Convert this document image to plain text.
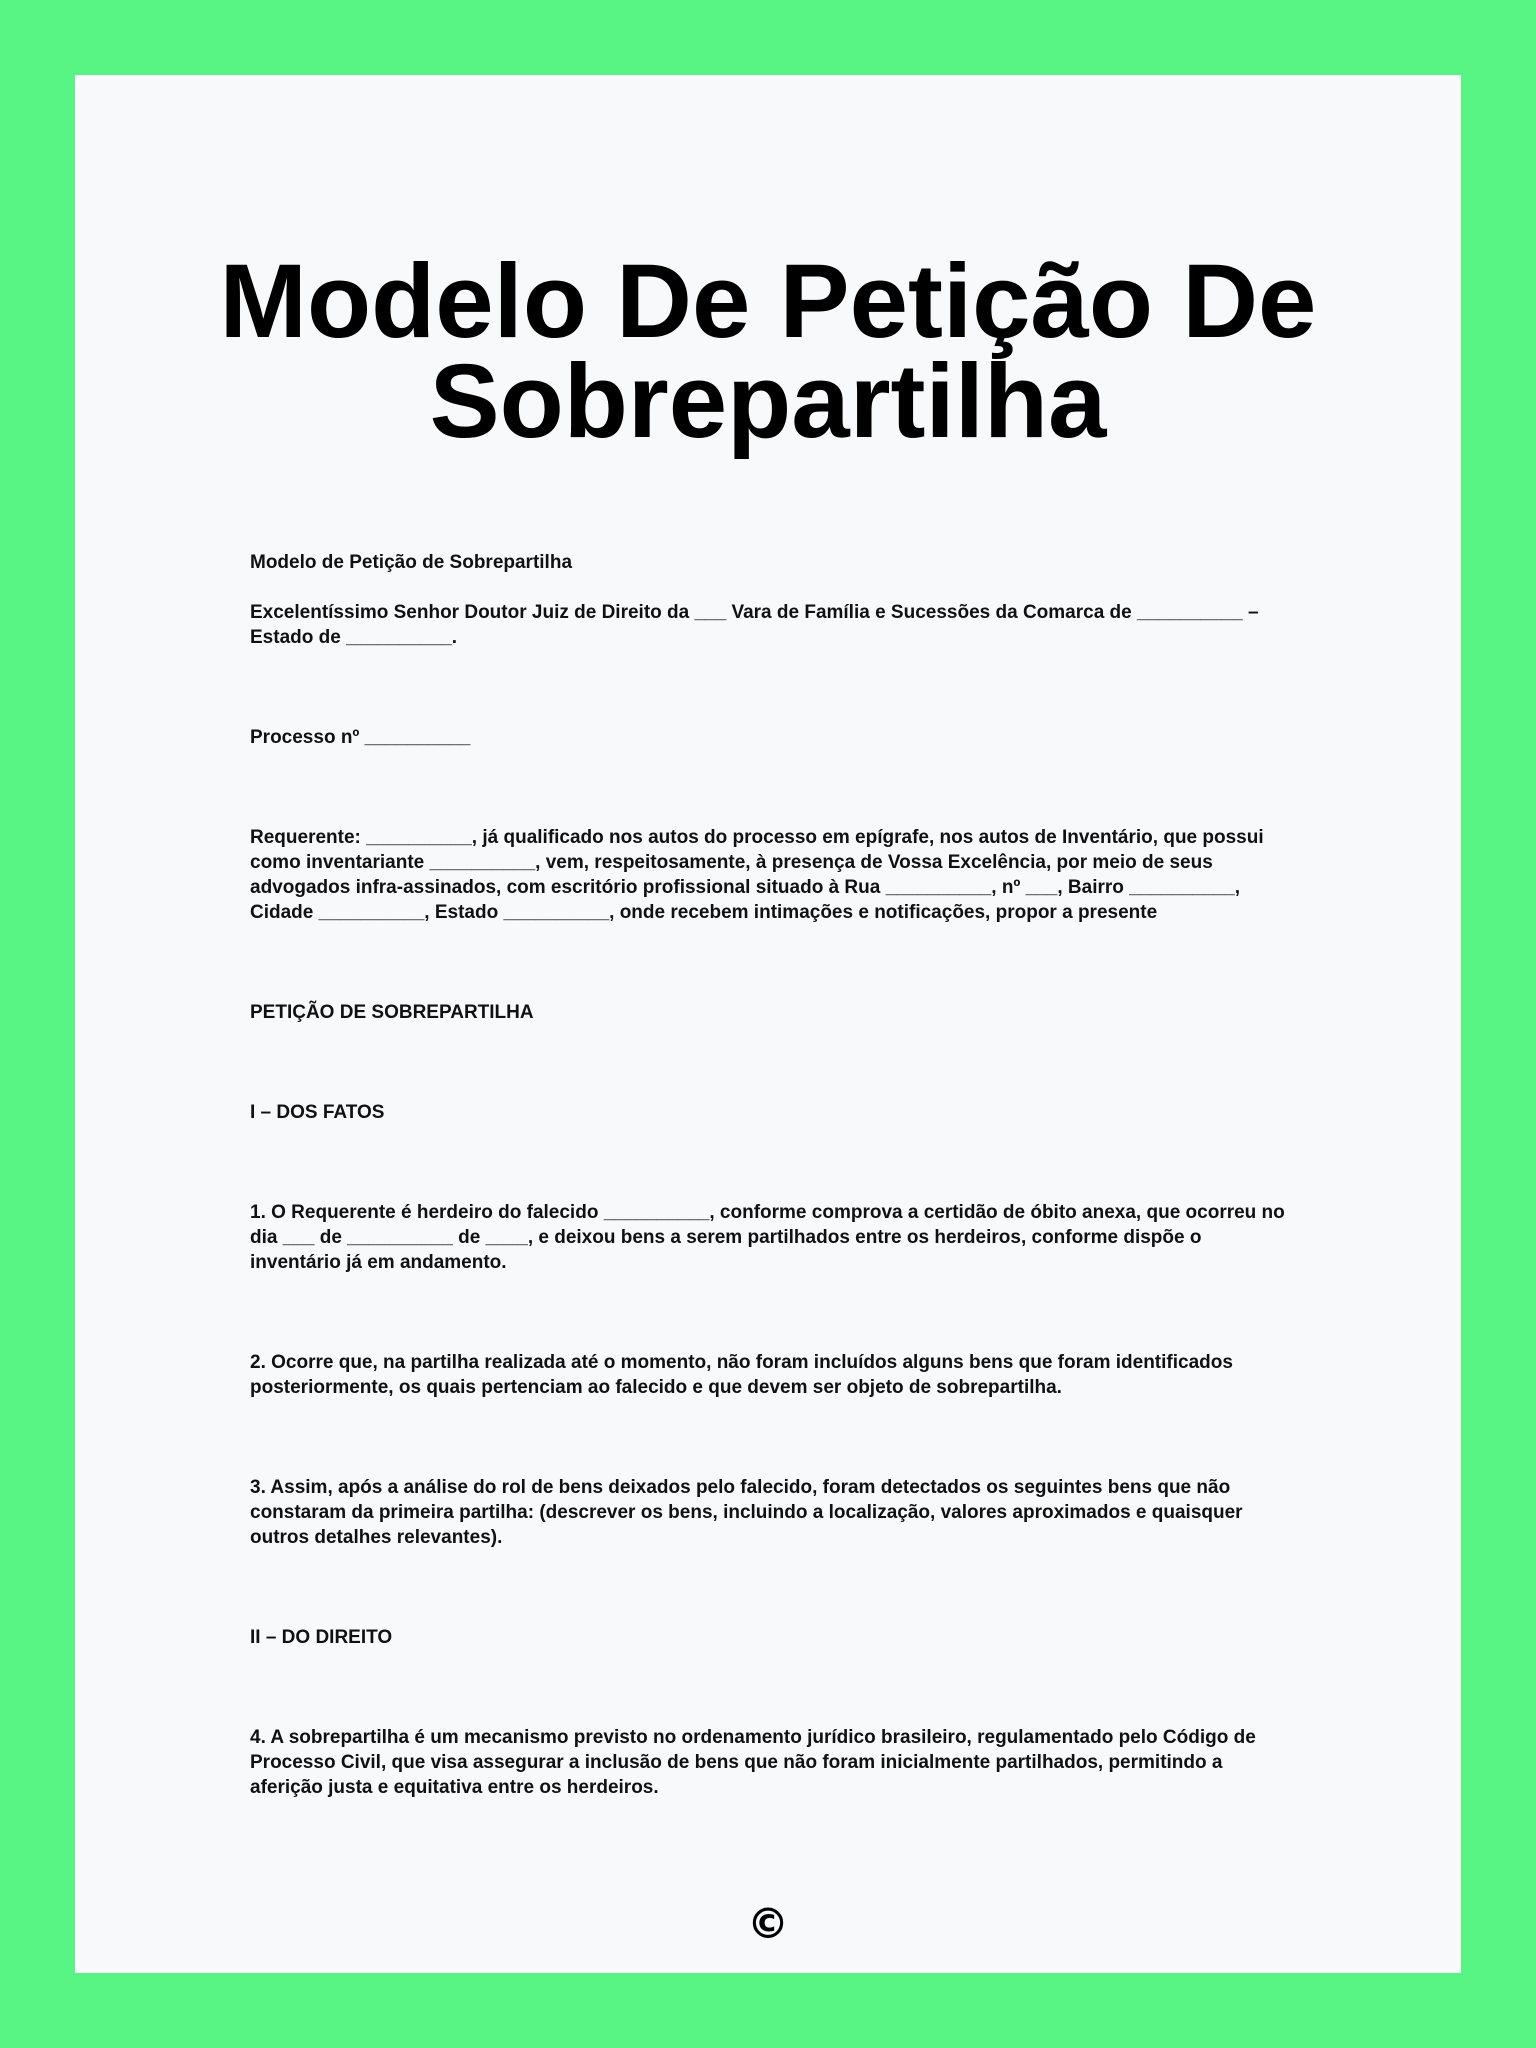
Modelo De Petição De Sobrepartilha

Modelo de Petição de Sobrepartilha

Excelentíssimo Senhor Doutor Juiz de Direito da ___ Vara de Família e Sucessões da Comarca de __________ – Estado de __________.

Processo nº __________

Requerente: __________, já qualificado nos autos do processo em epígrafe, nos autos de Inventário, que possui como inventariante __________, vem, respeitosamente, à presença de Vossa Excelência, por meio de seus advogados infra-assinados, com escritório profissional situado à Rua __________, nº ___, Bairro __________, Cidade __________, Estado __________, onde recebem intimações e notificações, propor a presente

PETIÇÃO DE SOBREPARTILHA

I – DOS FATOS

1. O Requerente é herdeiro do falecido __________, conforme comprova a certidão de óbito anexa, que ocorreu no dia ___ de __________ de ____, e deixou bens a serem partilhados entre os herdeiros, conforme dispõe o inventário já em andamento.

2. Ocorre que, na partilha realizada até o momento, não foram incluídos alguns bens que foram identificados posteriormente, os quais pertenciam ao falecido e que devem ser objeto de sobrepartilha.

3. Assim, após a análise do rol de bens deixados pelo falecido, foram detectados os seguintes bens que não constaram da primeira partilha: (descrever os bens, incluindo a localização, valores aproximados e quaisquer outros detalhes relevantes).

II – DO DIREITO

4. A sobrepartilha é um mecanismo previsto no ordenamento jurídico brasileiro, regulamentado pelo Código de Processo Civil, que visa assegurar a inclusão de bens que não foram inicialmente partilhados, permitindo a aferição justa e equitativa entre os herdeiros.

©
